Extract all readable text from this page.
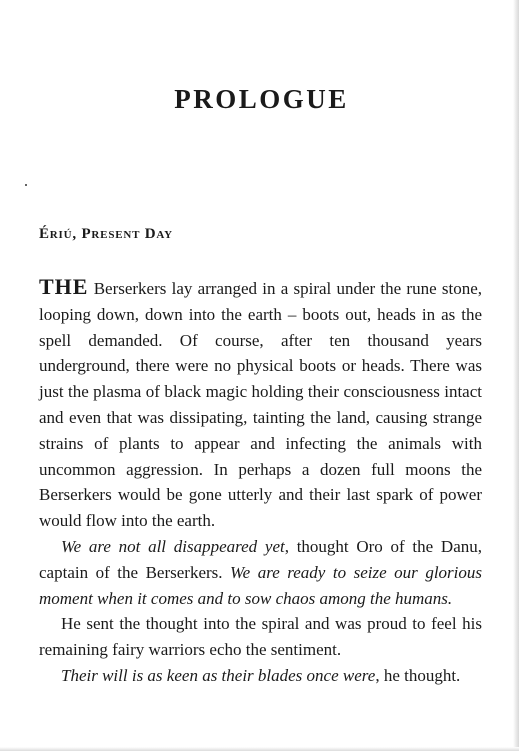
PROLOGUE
Ériú, Present Day

THE Berserkers lay arranged in a spiral under the rune stone, looping down, down into the earth – boots out, heads in as the spell demanded. Of course, after ten thousand years underground, there were no physical boots or heads. There was just the plasma of black magic holding their consciousness intact and even that was dissipating, tainting the land, causing strange strains of plants to appear and infecting the animals with uncommon aggression. In perhaps a dozen full moons the Berserkers would be gone utterly and their last spark of power would flow into the earth.

We are not all disappeared yet, thought Oro of the Danu, captain of the Berserkers. We are ready to seize our glorious moment when it comes and to sow chaos among the humans.

He sent the thought into the spiral and was proud to feel his remaining fairy warriors echo the sentiment.

Their will is as keen as their blades once were, he thought.
